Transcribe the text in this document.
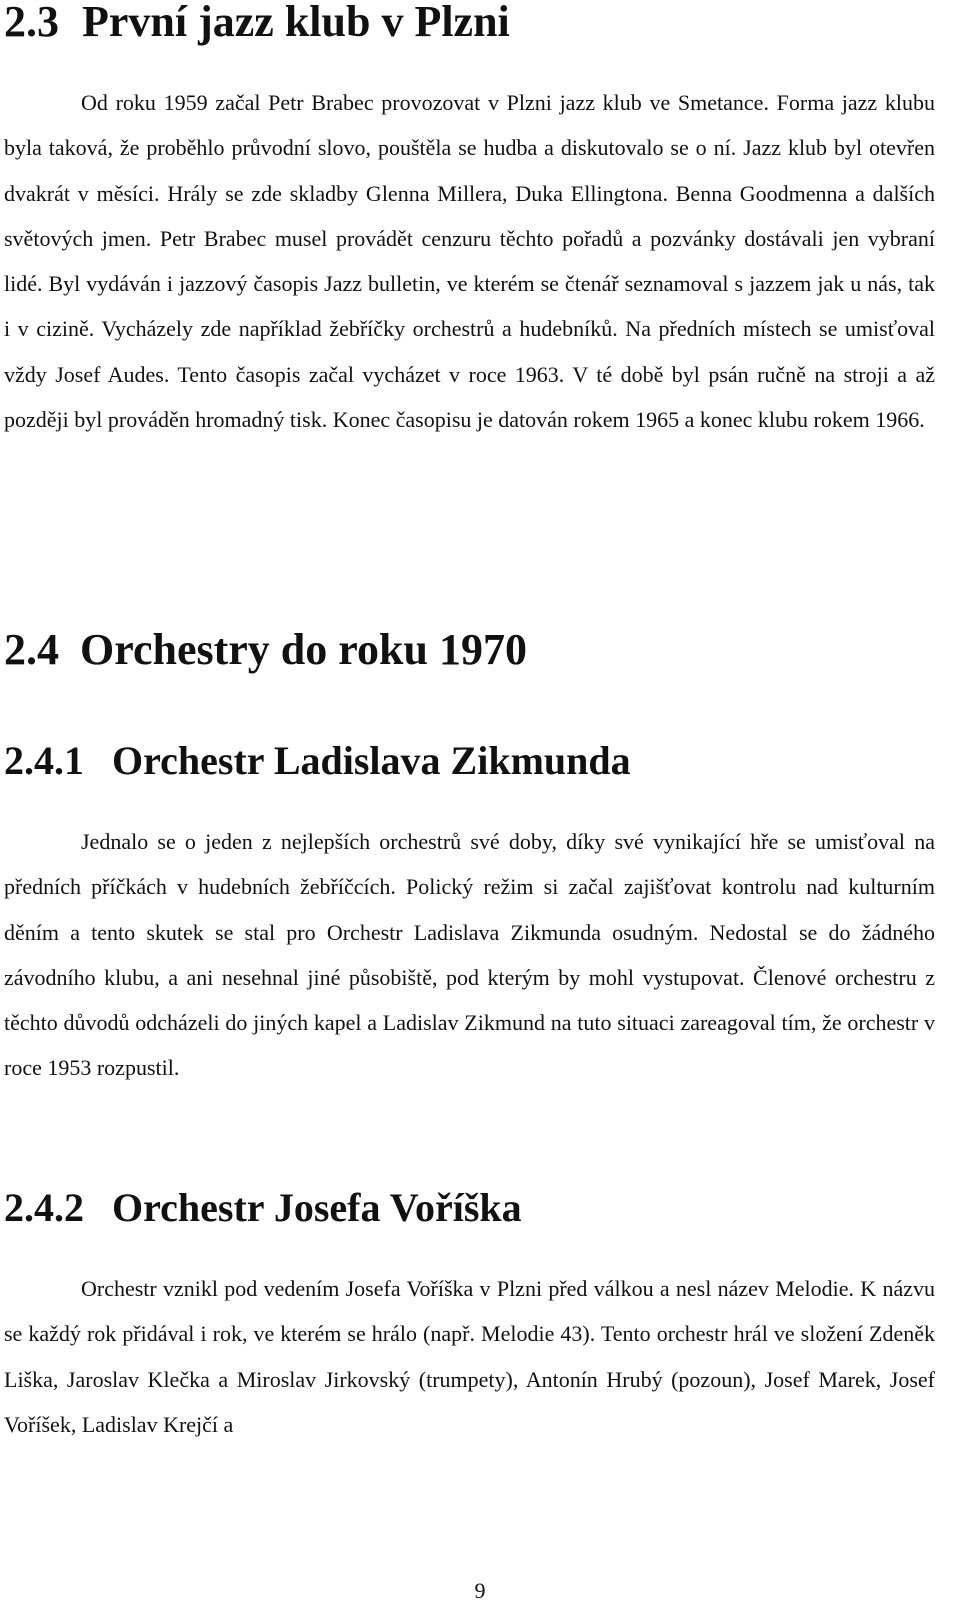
2.3 První jazz klub v Plzni

Od roku 1959 začal Petr Brabec provozovat v Plzni jazz klub ve Smetance. Forma jazz klubu byla taková, že proběhlo průvodní slovo, pouštěla se hudba a diskutovalo se o ní. Jazz klub byl otevřen dvakrát v měsíci. Hrály se zde skladby Glenna Millera, Duka Ellingtona. Benna Goodmenna a dalších světových jmen. Petr Brabec musel provádět cenzuru těchto pořadů a pozvánky dostávali jen vybraní lidé. Byl vydáván i jazzový časopis Jazz bulletin, ve kterém se čtenář seznamoval s jazzem jak u nás, tak i v cizině. Vycházely zde například žebříčky orchestrů a hudebníků. Na předních místech se umisťoval vždy Josef Audes. Tento časopis začal vycházet v roce 1963. V té době byl psán ručně na stroji a až později byl prováděn hromadný tisk. Konec časopisu je datován rokem 1965 a konec klubu rokem 1966.

2.4 Orchestry do roku 1970
2.4.1 Orchestr Ladislava Zikmunda

Jednalo se o jeden z nejlepších orchestrů své doby, díky své vynikající hře se umisťoval na předních příčkách v hudebních žebříčcích. Polický režim si začal zajišťovat kontrolu nad kulturním děním a tento skutek se stal pro Orchestr Ladislava Zikmunda osudným. Nedostal se do žádného závodního klubu, a ani nesehnal jiné působiště, pod kterým by mohl vystupovat. Členové orchestru z těchto důvodů odcházeli do jiných kapel a Ladislav Zikmund na tuto situaci zareagoval tím, že orchestr v roce 1953 rozpustil.

2.4.2 Orchestr Josefa Voříška

Orchestr vznikl pod vedením Josefa Voříška v Plzni před válkou a nesl název Melodie. K názvu se každý rok přidával i rok, ve kterém se hrálo (např. Melodie 43). Tento orchestr hrál ve složení Zdeněk Liška, Jaroslav Klečka a Miroslav Jirkovský (trumpety), Antonín Hrubý (pozoun), Josef Marek, Josef Voříšek, Ladislav Krejčí a

9
